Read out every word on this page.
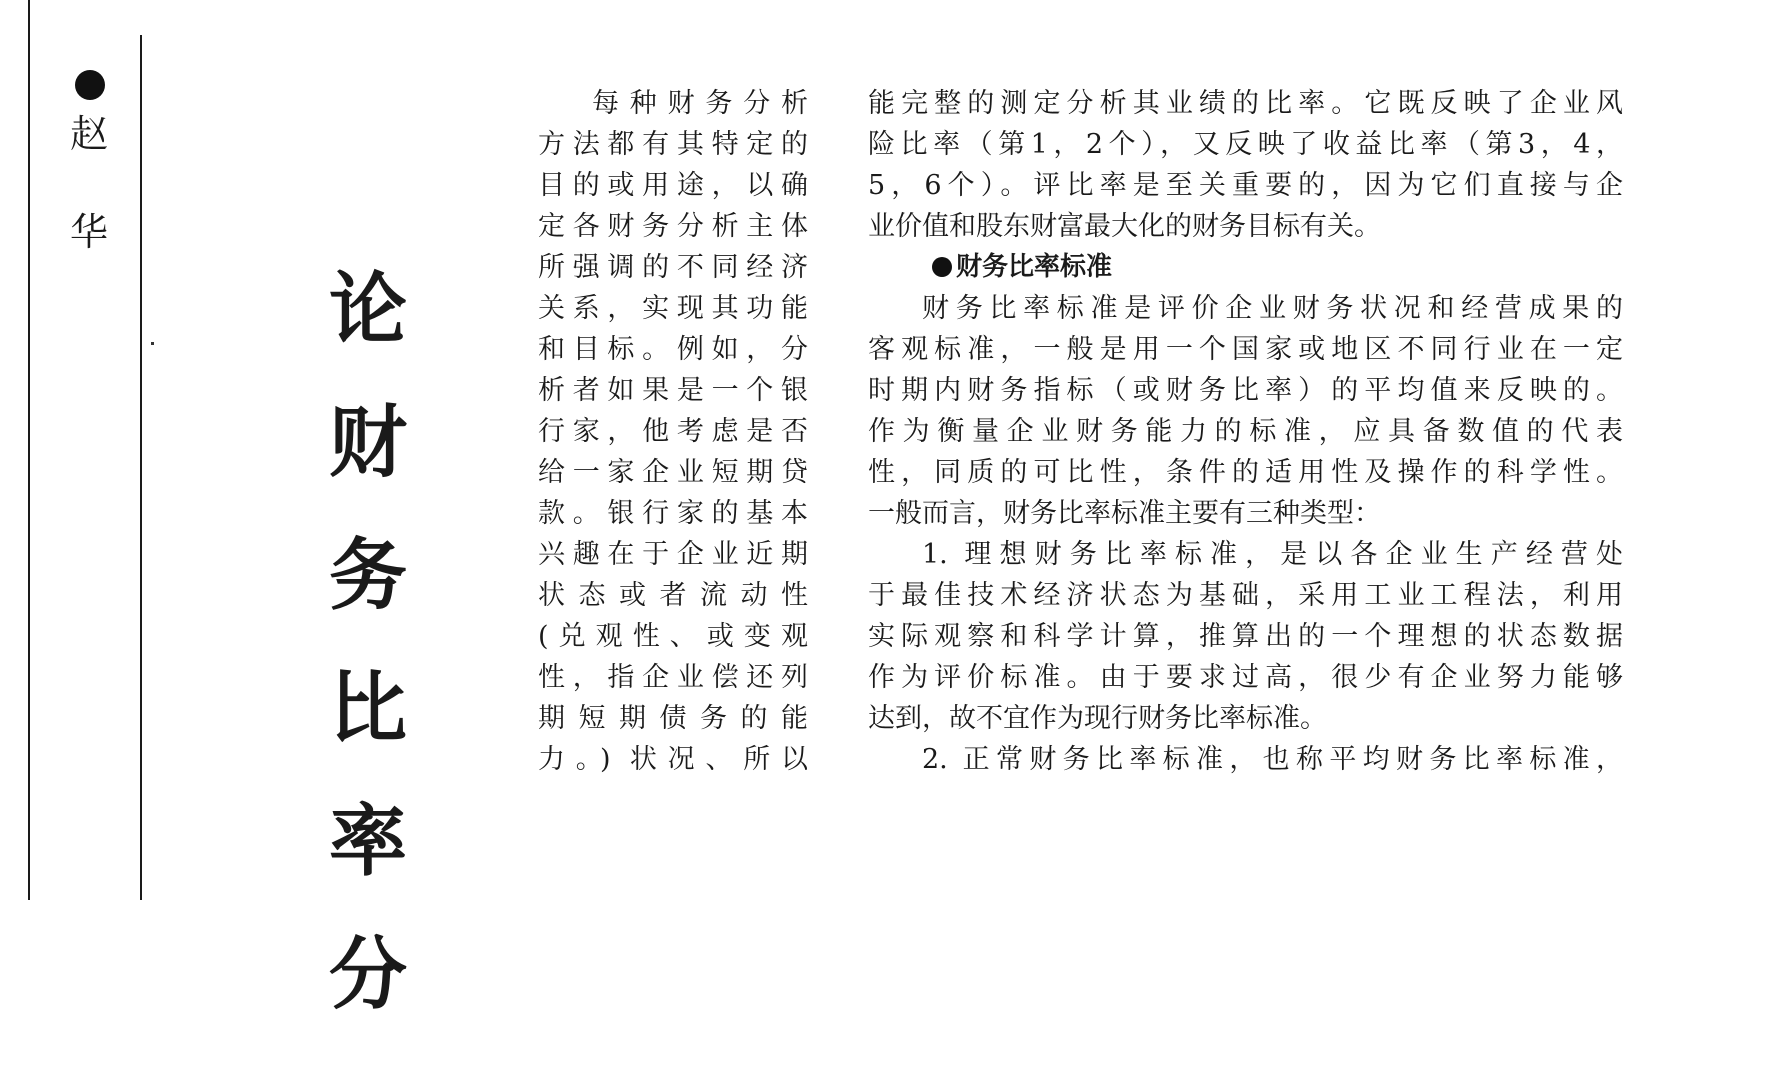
赵
华
论
财
务
比
率
分
每种财务分析
方法都有其特定的
目的或用途，以确
定各财务分析主体
所强调的不同经济
关系，实现其功能
和目标。例如，分
析者如果是一个银
行家，他考虑是否
给一家企业短期贷
款。银行家的基本
兴趣在于企业近期
状态或者流动性
(兑观性、或变观
性，指企业偿还列
期短期债务的能
力。) 状况、所以
能完整的测定分析其业绩的比率。它既反映了企业风
险比率（第1，2个），又反映了收益比率（第3，4，
5，6个）。评比率是至关重要的，因为它们直接与企
业价值和股东财富最大化的财务目标有关。
财务比率标准
财务比率标准是评价企业财务状况和经营成果的
客观标准，一般是用一个国家或地区不同行业在一定
时期内财务指标（或财务比率）的平均值来反映的。
作为衡量企业财务能力的标准，应具备数值的代表
性，同质的可比性，条件的适用性及操作的科学性。
一般而言，财务比率标准主要有三种类型：
1. 理想财务比率标准，是以各企业生产经营处
于最佳技术经济状态为基础，采用工业工程法，利用
实际观察和科学计算，推算出的一个理想的状态数据
作为评价标准。由于要求过高，很少有企业努力能够
达到，故不宜作为现行财务比率标准。
2. 正常财务比率标准，也称平均财务比率标准，
